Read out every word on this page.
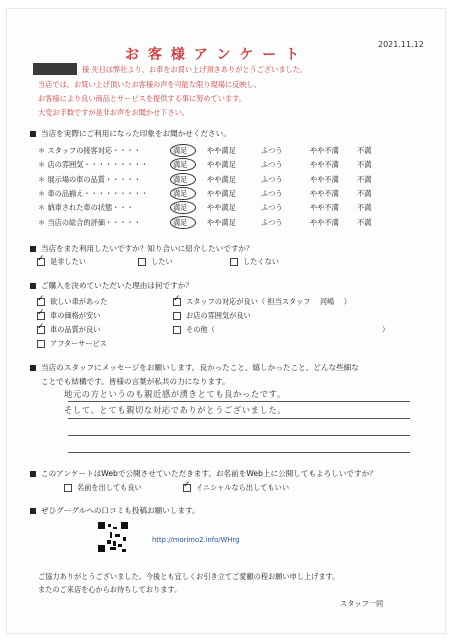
2021.11.12
お 客 様 ア ン ケ ー ト
様 先日は弊社より、お車をお買い上げ頂きありがとうございました。
当店では、お買い上げ頂いたお客様の声を可能な限り現場に反映し、
お客様により良い商品とサービスを提供する事に努めています。
大変お手数ですが是非お声をお聞かせ下さい。
当店を実際にご利用になった印象をお聞かせください。
＊ スタッフの接客対応・・・・	満足	やや満足	ふつう	やや不満	不満
＊ 店の雰囲気・・・・・・・・・	満足	やや満足	ふつう	やや不満	不満
＊ 展示場の車の品質・・・・・	満足	やや満足	ふつう	やや不満	不満
＊ 車の品揃え・・・・・・・・・	満足	やや満足	ふつう	やや不満	不満
＊ 納車された車の状態・・・	満足	やや満足	ふつう	やや不満	不満
＊ 当店の総合的評価・・・・・	満足	やや満足	ふつう	やや不満	不満
当店をまた利用したいですか？知り合いに紹介したいですか？
✓是非したい	したい	したくない
ご購入を決めていただいた理由は何ですか？
✓欲しい車があった
✓車の価格が安い
✓車の品質が良い
アフターサービス
✓スタッフの対応が良い（ 担当スタッフ　 河嶋　 ）
お店の雰囲気が良い
その他（	）
当店のスタッフにメッセージをお願いします。良かったこと、嬉しかったこと、どんな些細な
ことでも結構です。皆様の言葉が私共の力になります。
地元の方というのも親近感が湧きとても良かったです。
そして、とても親切な対応でありがとうございました。
このアンケートはWebで公開させていただきます。お名前をWeb上に公開してもよろしいですか？
名前を出しても良い ✓	イニシャルなら出してもいい
ぜひグーグルへの口コミも投稿お願いします。
http://morimo2.info/WHrg
ご協力ありがとうございました。今後とも宜しくお引き立てご愛顧の程お願い申し上げます。
またのご来店を心からお待ちしております。
スタッフ一同
